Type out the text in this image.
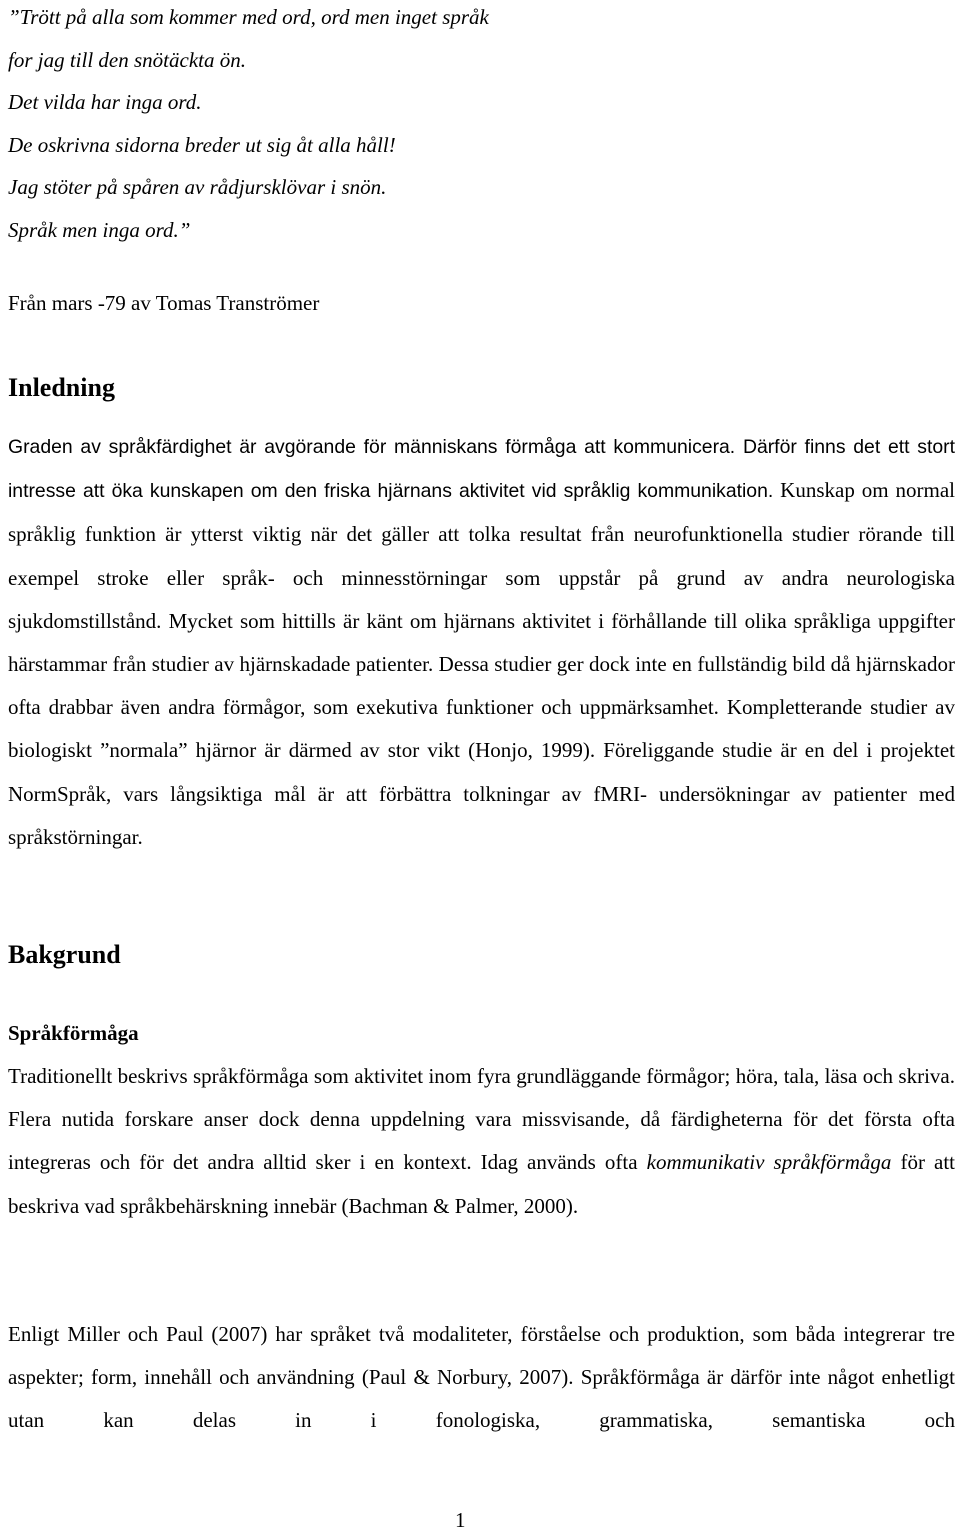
”Trött på alla som kommer med ord, ord men inget språk
for jag till den snötäckta ön.
Det vilda har inga ord.
De oskrivna sidorna breder ut sig åt alla håll!
Jag stöter på spåren av rådjursklövar i snön.
Språk men inga ord.”
Från mars -79 av Tomas Tranströmer
Inledning

Graden av språkfärdighet är avgörande för människans förmåga att kommunicera. Därför finns det ett stort intresse att öka kunskapen om den friska hjärnans aktivitet vid språklig kommunikation. Kunskap om normal språklig funktion är ytterst viktig när det gäller att tolka resultat från neurofunktionella studier rörande till exempel stroke eller språk- och minnesstörningar som uppstår på grund av andra neurologiska sjukdomstillstånd. Mycket som hittills är känt om hjärnans aktivitet i förhållande till olika språkliga uppgifter härstammar från studier av hjärnskadade patienter. Dessa studier ger dock inte en fullständig bild då hjärnskador ofta drabbar även andra förmågor, som exekutiva funktioner och uppmärksamhet. Kompletterande studier av biologiskt ”normala” hjärnor är därmed av stor vikt (Honjo, 1999). Föreliggande studie är en del i projektet NormSpråk, vars långsiktiga mål är att förbättra tolkningar av fMRI- undersökningar av patienter med språkstörningar.

Bakgrund
Språkförmåga

Traditionellt beskrivs språkförmåga som aktivitet inom fyra grundläggande förmågor; höra, tala, läsa och skriva. Flera nutida forskare anser dock denna uppdelning vara missvisande, då färdigheterna för det första ofta integreras och för det andra alltid sker i en kontext. Idag används ofta kommunikativ språkförmåga för att beskriva vad språkbehärskning innebär (Bachman & Palmer, 2000).

Enligt Miller och Paul (2007) har språket två modaliteter, förståelse och produktion, som båda integrerar tre aspekter; form, innehåll och användning (Paul & Norbury, 2007). Språkförmåga är därför inte något enhetligt utan kan delas in i fonologiska, grammatiska, semantiska och

1
